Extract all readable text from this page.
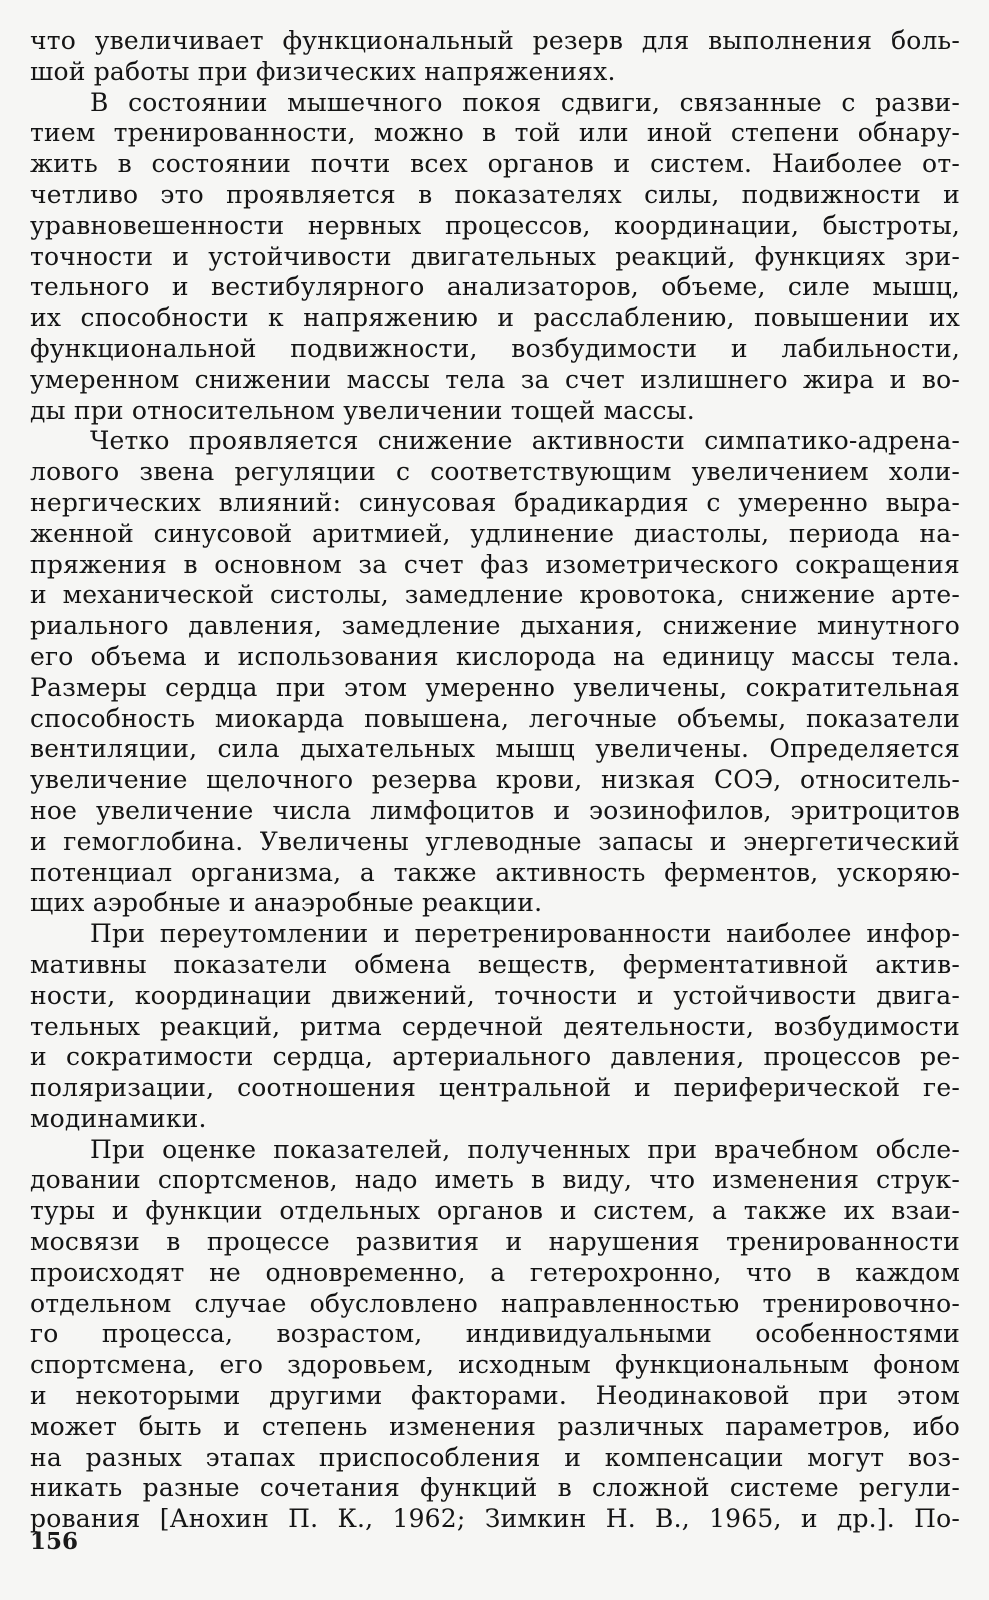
что увеличивает функциональный резерв для выполнения боль-
шой работы при физических напряжениях.
В состоянии мышечного покоя сдвиги, связанные с разви-
тием тренированности, можно в той или иной степени обнару-
жить в состоянии почти всех органов и систем. Наиболее от-
четливо это проявляется в показателях силы, подвижности и
уравновешенности нервных процессов, координации, быстроты,
точности и устойчивости двигательных реакций, функциях зри-
тельного и вестибулярного анализаторов, объеме, силе мышц,
их способности к напряжению и расслаблению, повышении их
функциональной подвижности, возбудимости и лабильности,
умеренном снижении массы тела за счет излишнего жира и во-
ды при относительном увеличении тощей массы.
Четко проявляется снижение активности симпатико-адрена-
лового звена регуляции с соответствующим увеличением холи-
нергических влияний: синусовая брадикардия с умеренно выра-
женной синусовой аритмией, удлинение диастолы, периода на-
пряжения в основном за счет фаз изометрического сокращения
и механической систолы, замедление кровотока, снижение арте-
риального давления, замедление дыхания, снижение минутного
его объема и использования кислорода на единицу массы тела.
Размеры сердца при этом умеренно увеличены, сократительная
способность миокарда повышена, легочные объемы, показатели
вентиляции, сила дыхательных мышц увеличены. Определяется
увеличение щелочного резерва крови, низкая СОЭ, относитель-
ное увеличение числа лимфоцитов и эозинофилов, эритроцитов
и гемоглобина. Увеличены углеводные запасы и энергетический
потенциал организма, а также активность ферментов, ускоряю-
щих аэробные и анаэробные реакции.
При переутомлении и перетренированности наиболее инфор-
мативны показатели обмена веществ, ферментативной актив-
ности, координации движений, точности и устойчивости двига-
тельных реакций, ритма сердечной деятельности, возбудимости
и сократимости сердца, артериального давления, процессов ре-
поляризации, соотношения центральной и периферической ге-
модинамики.
При оценке показателей, полученных при врачебном обсле-
довании спортсменов, надо иметь в виду, что изменения струк-
туры и функции отдельных органов и систем, а также их взаи-
мосвязи в процессе развития и нарушения тренированности
происходят не одновременно, а гетерохронно, что в каждом
отдельном случае обусловлено направленностью тренировочно-
го процесса, возрастом, индивидуальными особенностями
спортсмена, его здоровьем, исходным функциональным фоном
и некоторыми другими факторами. Неодинаковой при этом
может быть и степень изменения различных параметров, ибо
на разных этапах приспособления и компенсации могут воз-
никать разные сочетания функций в сложной системе регули-
рования [Анохин П. К., 1962; Зимкин Н. В., 1965, и др.]. По-
156
